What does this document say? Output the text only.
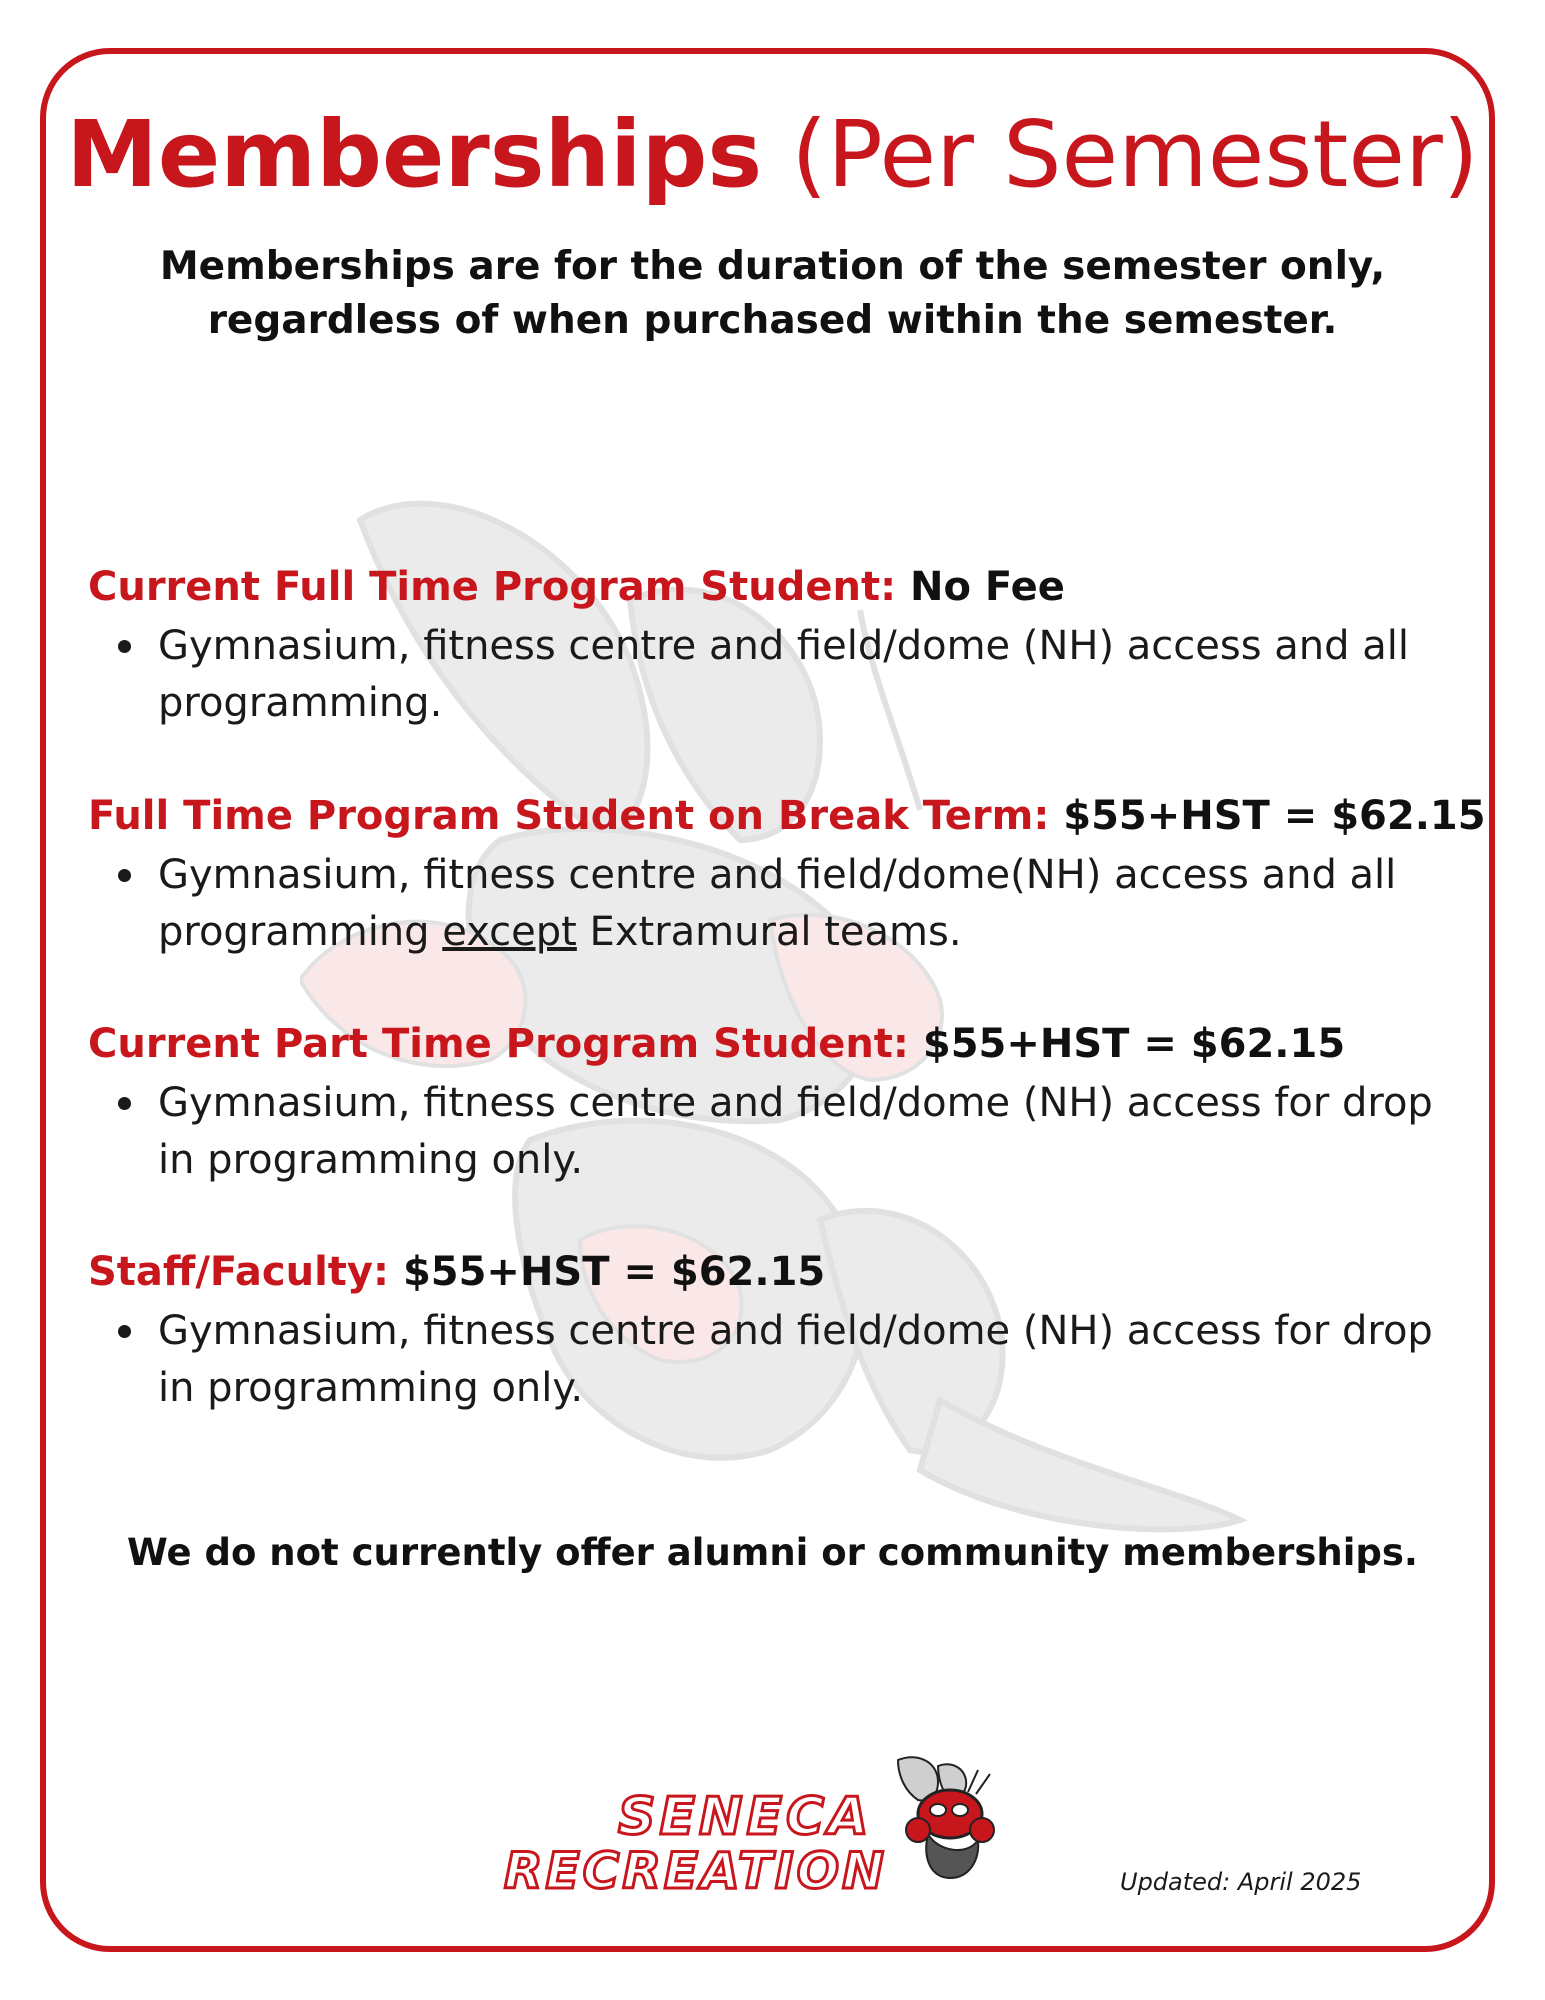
Memberships (Per Semester)
Memberships are for the duration of the semester only,
regardless of when purchased within the semester.
Current Full Time Program Student: No Fee
Gymnasium, fitness centre and field/dome (NH) access and all programming.
Full Time Program Student on Break Term: $55+HST = $62.15
Gymnasium, fitness centre and field/dome(NH) access and all programming except Extramural teams.
Current Part Time Program Student: $55+HST = $62.15
Gymnasium, fitness centre and field/dome (NH) access for drop in programming only.
Staff/Faculty: $55+HST = $62.15
Gymnasium, fitness centre and field/dome (NH) access for drop in programming only.
We do not currently offer alumni or community memberships.
SENECA
RECREATION	Updated: April 2025
